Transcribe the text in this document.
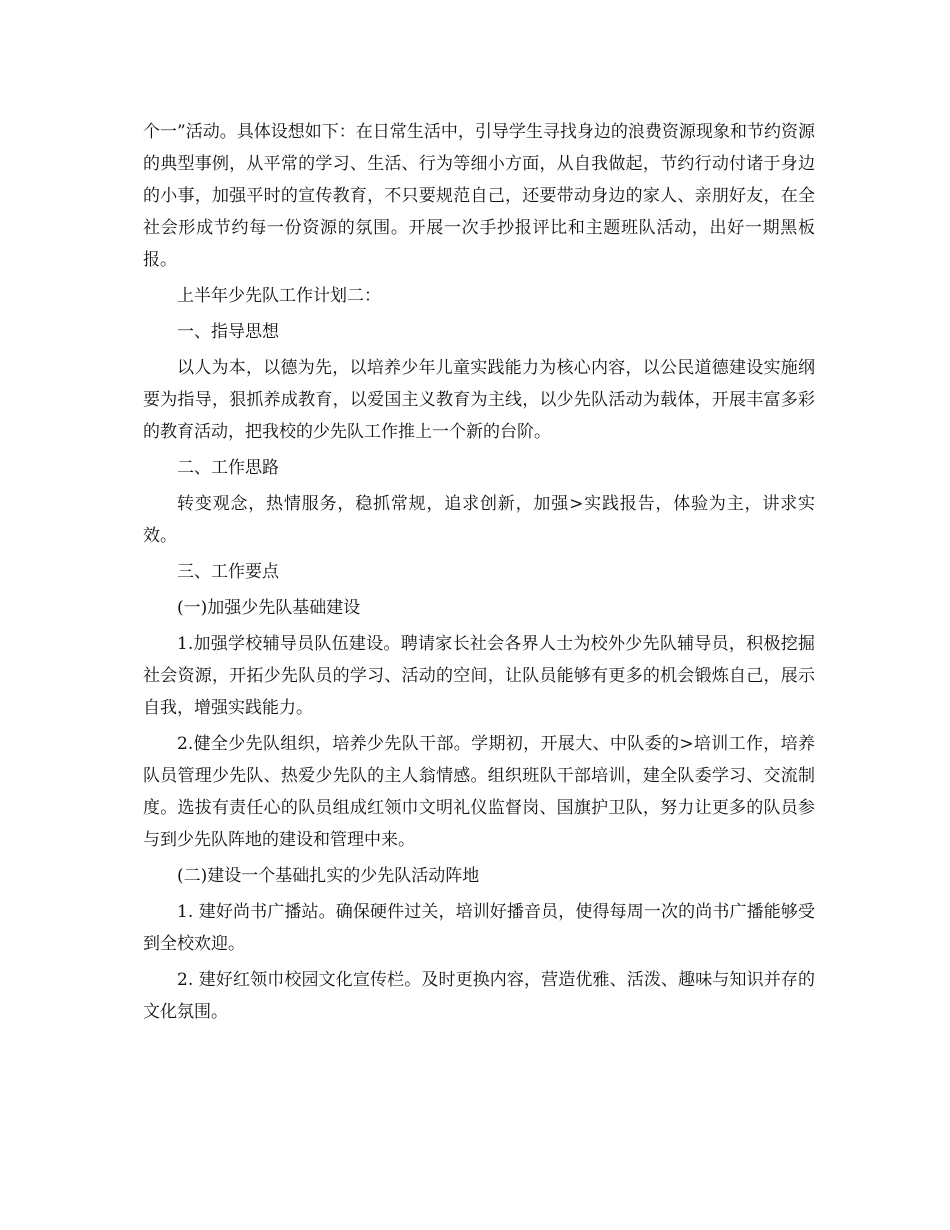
个一”活动。具体设想如下：在日常生活中，引导学生寻找身边的浪费资源现象和节约资源的典型事例，从平常的学习、生活、行为等细小方面，从自我做起，节约行动付诸于身边的小事，加强平时的宣传教育，不只要规范自己，还要带动身边的家人、亲朋好友，在全社会形成节约每一份资源的氛围。开展一次手抄报评比和主题班队活动，出好一期黑板报。

上半年少先队工作计划二：

一、指导思想

以人为本，以德为先，以培养少年儿童实践能力为核心内容，以公民道德建设实施纲要为指导，狠抓养成教育，以爱国主义教育为主线，以少先队活动为载体，开展丰富多彩的教育活动，把我校的少先队工作推上一个新的台阶。

二、工作思路

转变观念，热情服务，稳抓常规，追求创新，加强>实践报告，体验为主，讲求实效。

三、工作要点

(一)加强少先队基础建设

1.加强学校辅导员队伍建设。聘请家长社会各界人士为校外少先队辅导员，积极挖掘社会资源，开拓少先队员的学习、活动的空间，让队员能够有更多的机会锻炼自己，展示自我，增强实践能力。

2.健全少先队组织，培养少先队干部。学期初，开展大、中队委的>培训工作，培养队员管理少先队、热爱少先队的主人翁情感。组织班队干部培训，建全队委学习、交流制度。选拔有责任心的队员组成红领巾文明礼仪监督岗、国旗护卫队，努力让更多的队员参与到少先队阵地的建设和管理中来。

(二)建设一个基础扎实的少先队活动阵地

1. 建好尚书广播站。确保硬件过关，培训好播音员，使得每周一次的尚书广播能够受到全校欢迎。

2. 建好红领巾校园文化宣传栏。及时更换内容，营造优雅、活泼、趣味与知识并存的文化氛围。
